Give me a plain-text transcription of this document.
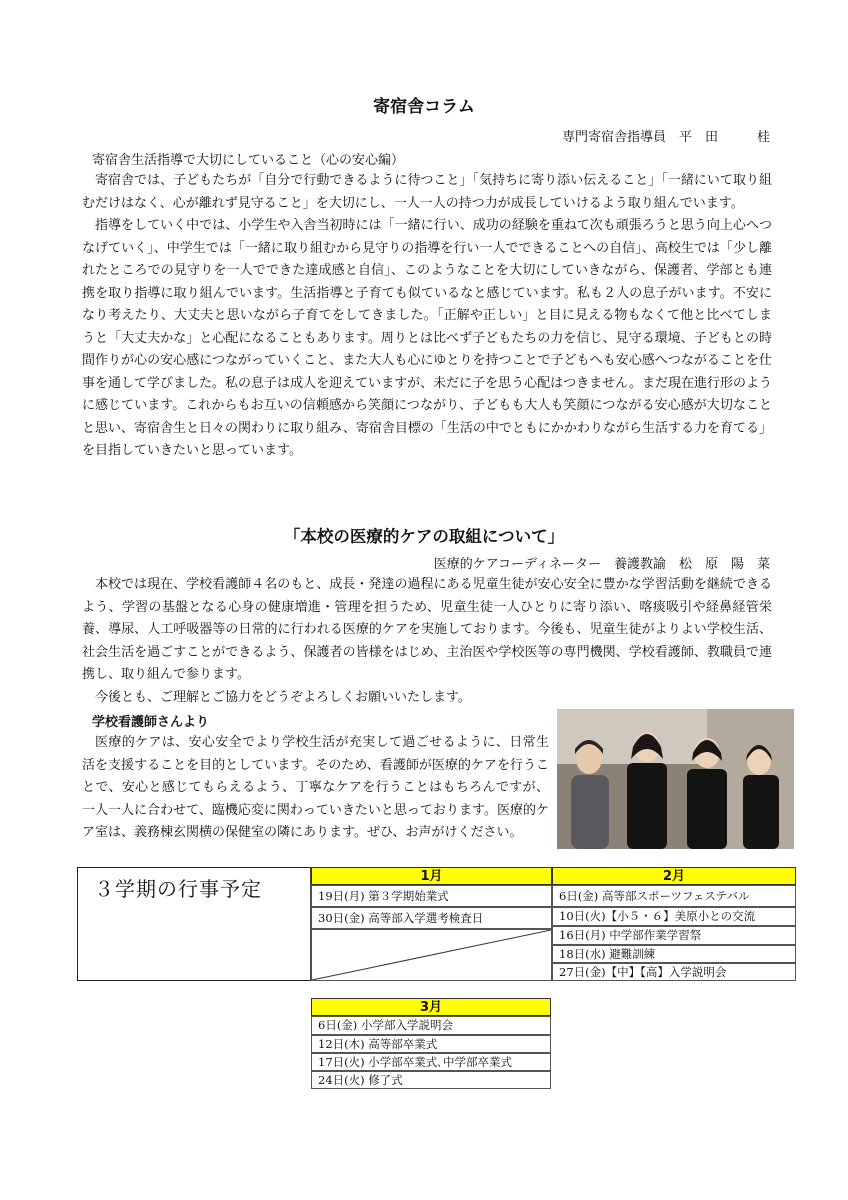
寄宿舎コラム
専門寄宿舎指導員　平　田　　　桂
寄宿舎生活指導で大切にしていること（心の安心編）

寄宿舎では、子どもたちが「自分で行動できるように待つこと」「気持ちに寄り添い伝えること」「一緒にいて取り組むだけはなく、心が離れず見守ること」を大切にし、一人一人の持つ力が成長していけるよう取り組んでいます。

指導をしていく中では、小学生や入舎当初時には「一緒に行い、成功の経験を重ねて次も頑張ろうと思う向上心へつなげていく」、中学生では「一緒に取り組むから見守りの指導を行い一人でできることへの自信」、高校生では「少し離れたところでの見守りを一人でできた達成感と自信」、このようなことを大切にしていきながら、保護者、学部とも連携を取り指導に取り組んでいます。生活指導と子育ても似ているなと感じています。私も２人の息子がいます。不安になり考えたり、大丈夫と思いながら子育てをしてきました。「正解や正しい」と目に見える物もなくて他と比べてしまうと「大丈夫かな」と心配になることもあります。周りとは比べず子どもたちの力を信じ、見守る環境、子どもとの時間作りが心の安心感につながっていくこと、また大人も心にゆとりを持つことで子どもへも安心感へつながることを仕事を通して学びました。私の息子は成人を迎えていますが、未だに子を思う心配はつきません。まだ現在進行形のように感じています。これからもお互いの信頼感から笑顔につながり、子どもも大人も笑顔につながる安心感が大切なことと思い、寄宿舎生と日々の関わりに取り組み、寄宿舎目標の「生活の中でともにかかわりながら生活する力を育てる」を目指していきたいと思っています。

「本校の医療的ケアの取組について」
医療的ケアコーディネーター　養護教諭　松　原　陽　菜

本校では現在、学校看護師４名のもと、成長・発達の過程にある児童生徒が安心安全に豊かな学習活動を継続できるよう、学習の基盤となる心身の健康増進・管理を担うため、児童生徒一人ひとりに寄り添い、喀痰吸引や経鼻経管栄養、導尿、人工呼吸器等の日常的に行われる医療的ケアを実施しております。今後も、児童生徒がよりよい学校生活、社会生活を過ごすことができるよう、保護者の皆様をはじめ、主治医や学校医等の専門機関、学校看護師、教職員で連携し、取り組んで参ります。

今後とも、ご理解とご協力をどうぞよろしくお願いいたします。

学校看護師さんより

医療的ケアは、安心安全でより学校生活が充実して過ごせるように、日常生活を支援することを目的としています。そのため、看護師が医療的ケアを行うことで、安心と感じてもらえるよう、丁寧なケアを行うことはもちろんですが、一人一人に合わせて、臨機応変に関わっていきたいと思っております。医療的ケア室は、義務棟玄関横の保健室の隣にあります。ぜひ、お声がけください。

３学期の行事予定
1月
19日(月) 第３学期始業式
30日(金) 高等部入学選考検査日
2月
6日(金) 高等部スポーツフェステバル
10日(火)【小５・６】美原小との交流
16日(月) 中学部作業学習祭
18日(水) 避難訓練
27日(金)【中】【高】入学説明会
3月
6日(金) 小学部入学説明会
12日(木) 高等部卒業式
17日(火) 小学部卒業式､中学部卒業式
24日(火) 修了式
